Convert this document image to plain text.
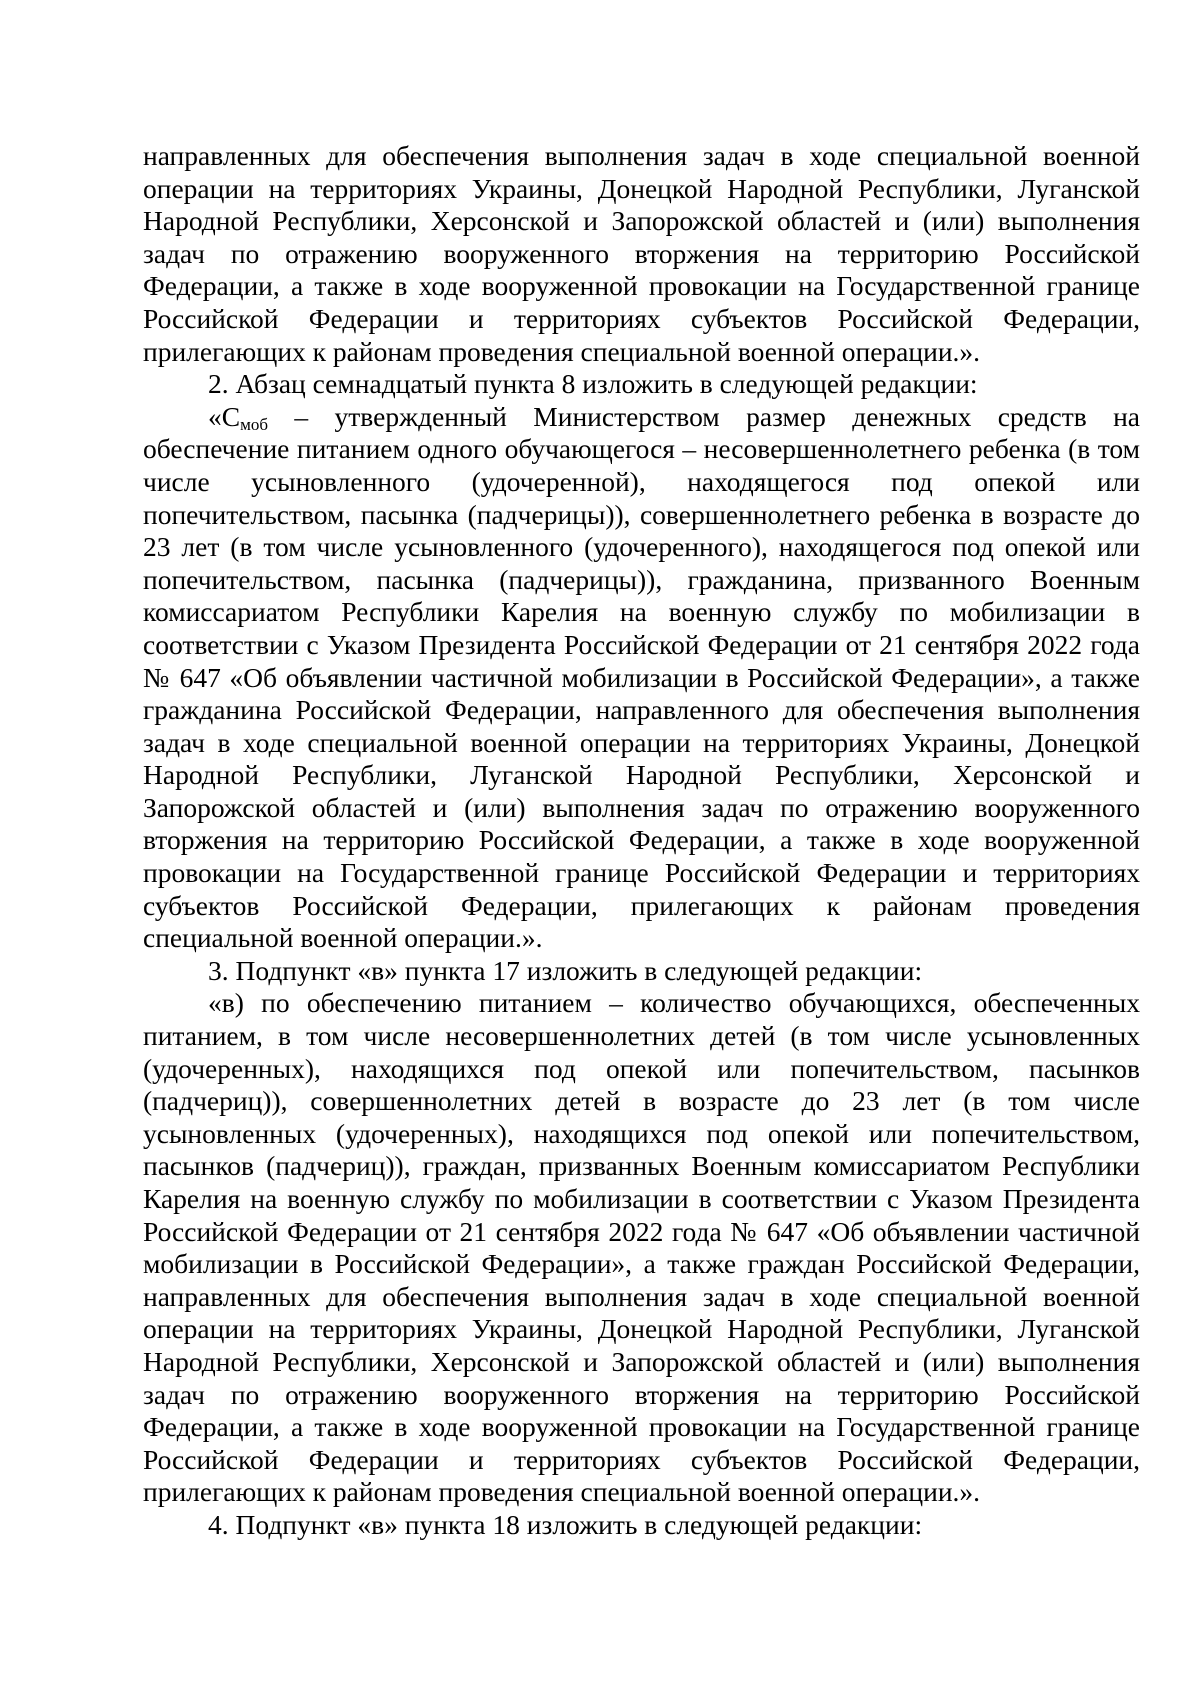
направленных для обеспечения выполнения задач в ходе специальной военной операции на территориях Украины, Донецкой Народной Республики, Луганской Народной Республики, Херсонской и Запорожской областей и (или) выполнения задач по отражению вооруженного вторжения на территорию Российской Федерации, а также в ходе вооруженной провокации на Государственной границе Российской Федерации и территориях субъектов Российской Федерации, прилегающих к районам проведения специальной военной операции.».

2. Абзац семнадцатый пункта 8 изложить в следующей редакции:

«$С_{моб}$ – утвержденный Министерством размер денежных средств на обеспечение питанием одного обучающегося – несовершеннолетнего ребенка (в том числе усыновленного (удочеренной), находящегося под опекой или попечительством, пасынка (падчерицы)), совершеннолетнего ребенка в возрасте до 23 лет (в том числе усыновленного (удочеренного), находящегося под опекой или попечительством, пасынка (падчерицы)), гражданина, призванного Военным комиссариатом Республики Карелия на военную службу по мобилизации в соответствии с Указом Президента Российской Федерации от 21 сентября 2022 года № 647 «Об объявлении частичной мобилизации в Российской Федерации», а также гражданина Российской Федерации, направленного для обеспечения выполнения задач в ходе специальной военной операции на территориях Украины, Донецкой Народной Республики, Луганской Народной Республики, Херсонской и Запорожской областей и (или) выполнения задач по отражению вооруженного вторжения на территорию Российской Федерации, а также в ходе вооруженной провокации на Государственной границе Российской Федерации и территориях субъектов Российской Федерации, прилегающих к районам проведения специальной военной операции.».

3. Подпункт «в» пункта 17 изложить в следующей редакции:

«в) по обеспечению питанием – количество обучающихся, обеспеченных питанием, в том числе несовершеннолетних детей (в том числе усыновленных (удочеренных), находящихся под опекой или попечительством, пасынков (падчериц)), совершеннолетних детей в возрасте до 23 лет (в том числе усыновленных (удочеренных), находящихся под опекой или попечительством, пасынков (падчериц)), граждан, призванных Военным комиссариатом Республики Карелия на военную службу по мобилизации в соответствии с Указом Президента Российской Федерации от 21 сентября 2022 года № 647 «Об объявлении частичной мобилизации в Российской Федерации», а также граждан Российской Федерации, направленных для обеспечения выполнения задач в ходе специальной военной операции на территориях Украины, Донецкой Народной Республики, Луганской Народной Республики, Херсонской и Запорожской областей и (или) выполнения задач по отражению вооруженного вторжения на территорию Российской Федерации, а также в ходе вооруженной провокации на Государственной границе Российской Федерации и территориях субъектов Российской Федерации, прилегающих к районам проведения специальной военной операции.».

4. Подпункт «в» пункта 18 изложить в следующей редакции:
